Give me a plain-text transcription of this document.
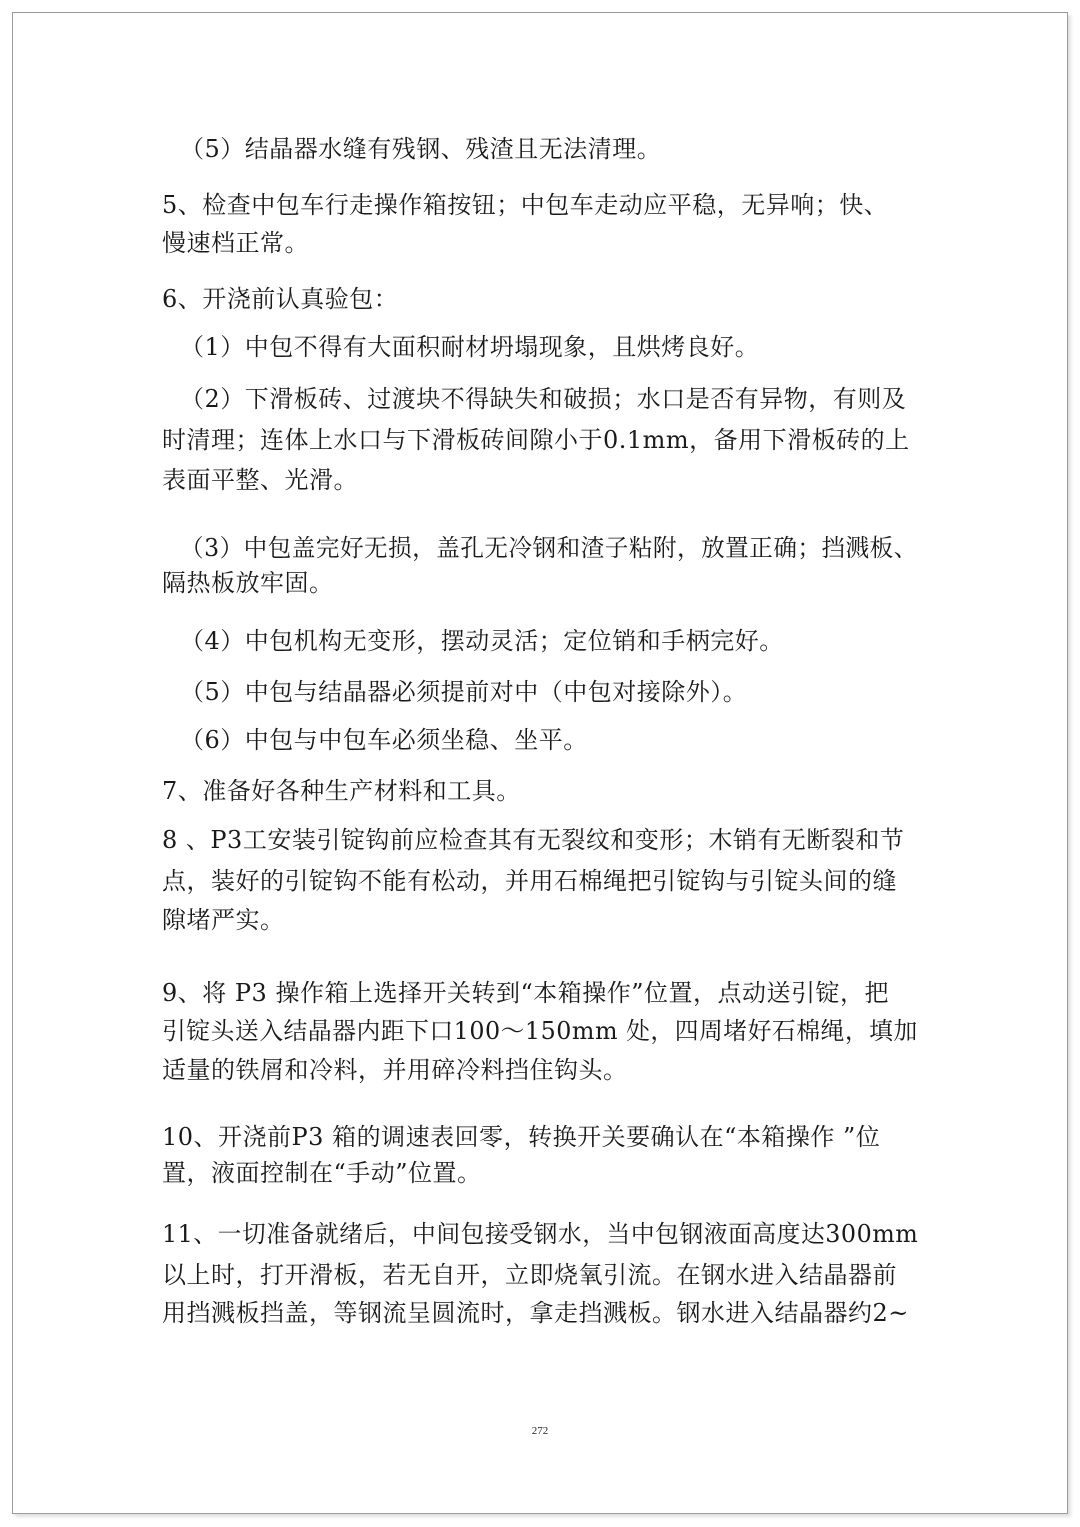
（5）结晶器水缝有残钢、残渣且无法清理。
5、检查中包车行走操作箱按钮；中包车走动应平稳，无异响；快、
慢速档正常。
6、开浇前认真验包：
（1）中包不得有大面积耐材坍塌现象，且烘烤良好。
（2）下滑板砖、过渡块不得缺失和破损；水口是否有异物，有则及
时清理；连体上水口与下滑板砖间隙小于0.1mm，备用下滑板砖的上
表面平整、光滑。
（3）中包盖完好无损，盖孔无冷钢和渣子粘附，放置正确；挡溅板、
隔热板放牢固。
（4）中包机构无变形，摆动灵活；定位销和手柄完好。
（5）中包与结晶器必须提前对中（中包对接除外）。
（6）中包与中包车必须坐稳、坐平。
7、准备好各种生产材料和工具。
8 、P3工安装引锭钩前应检查其有无裂纹和变形；木销有无断裂和节
点，装好的引锭钩不能有松动，并用石棉绳把引锭钩与引锭头间的缝
隙堵严实。
9、将 P3 操作箱上选择开关转到“本箱操作”位置，点动送引锭，把
引锭头送入结晶器内距下口100～150mm 处，四周堵好石棉绳，填加
适量的铁屑和冷料，并用碎冷料挡住钩头。
10、开浇前P3 箱的调速表回零，转换开关要确认在“本箱操作 ”位
置，液面控制在“手动”位置。
11、一切准备就绪后，中间包接受钢水，当中包钢液面高度达300mm
以上时，打开滑板，若无自开，立即烧氧引流。在钢水进入结晶器前
用挡溅板挡盖，等钢流呈圆流时，拿走挡溅板。钢水进入结晶器约2~
272
